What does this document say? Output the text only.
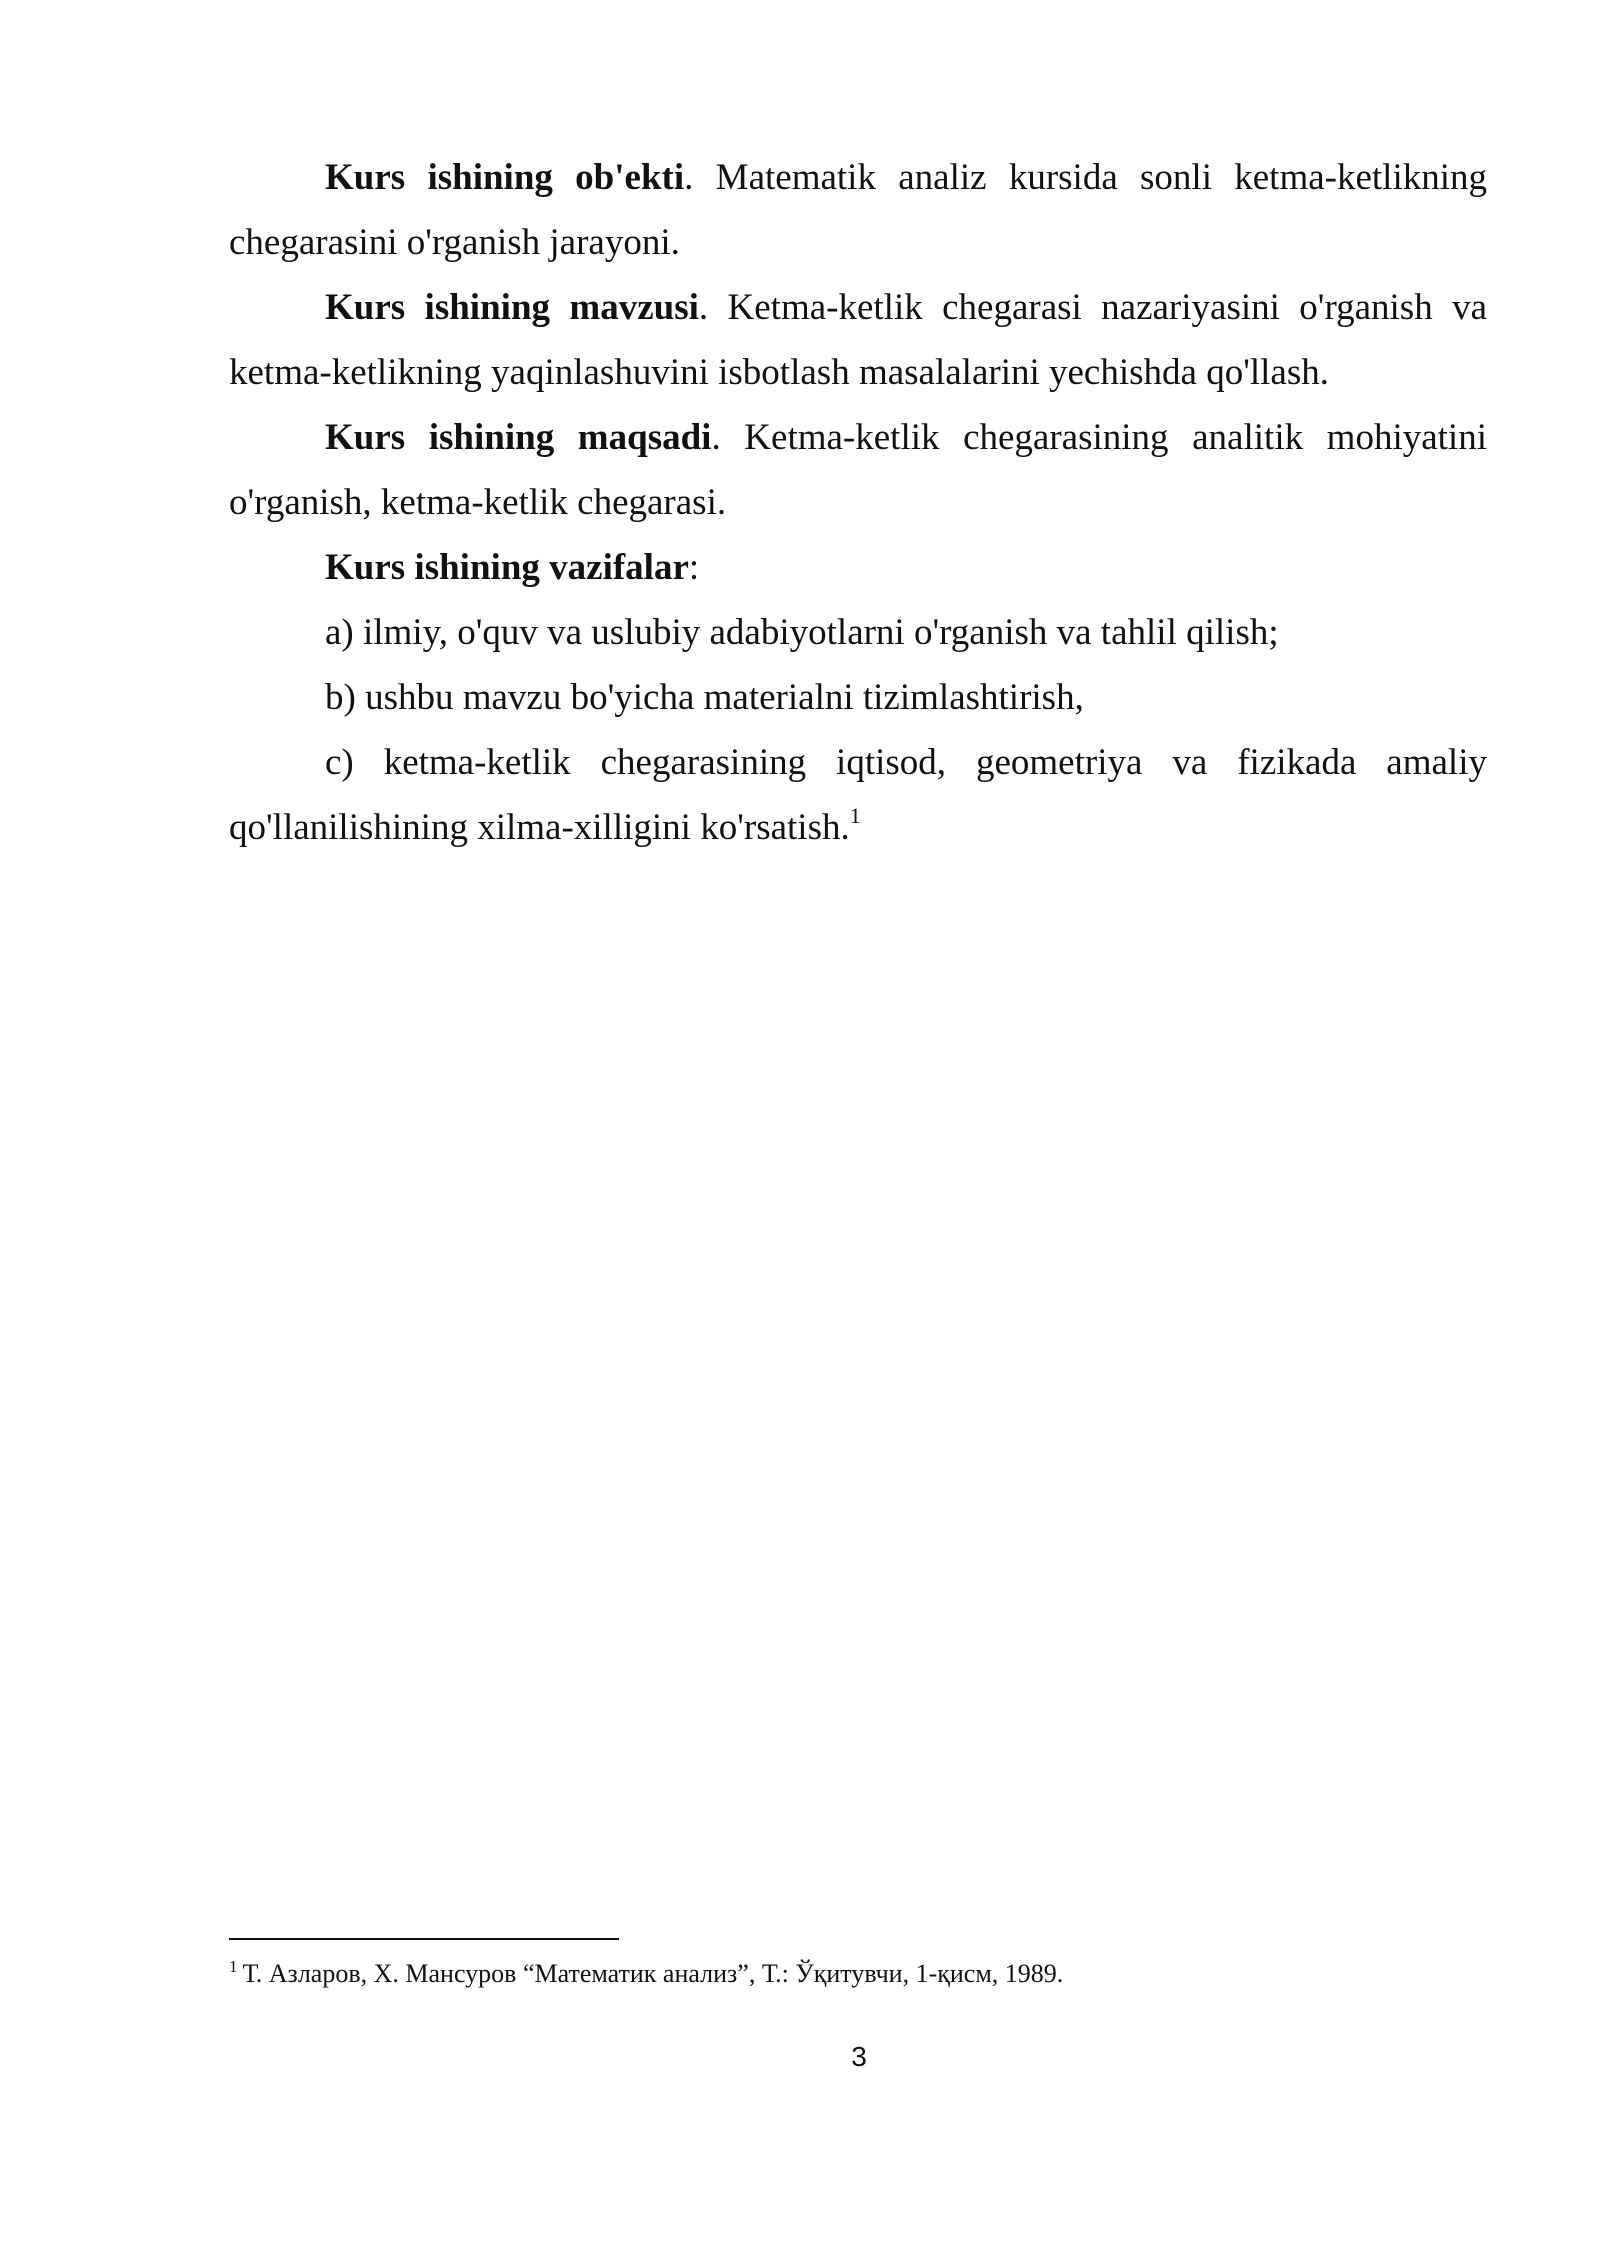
Kurs ishining ob'ekti. Matematik analiz kursida sonli ketma-ketlikning chegarasini o'rganish jarayoni.

Kurs ishining mavzusi. Ketma-ketlik chegarasi nazariyasini o'rganish va ketma-ketlikning yaqinlashuvini isbotlash masalalarini yechishda qo'llash.

Kurs ishining maqsadi. Ketma-ketlik chegarasining analitik mohiyatini o'rganish, ketma-ketlik chegarasi.

Kurs ishining vazifalar:

a) ilmiy, o'quv va uslubiy adabiyotlarni o'rganish va tahlil qilish;

b) ushbu mavzu bo'yicha materialni tizimlashtirish,

c) ketma-ketlik chegarasining iqtisod, geometriya va fizikada amaliy qo'llanilishining xilma-xilligini ko'rsatish.$^1$

$^1$ Т. Азларов, Х. Мансуров “Математик анализ”, Т.: Ўқитувчи, 1-қисм, 1989.
3
